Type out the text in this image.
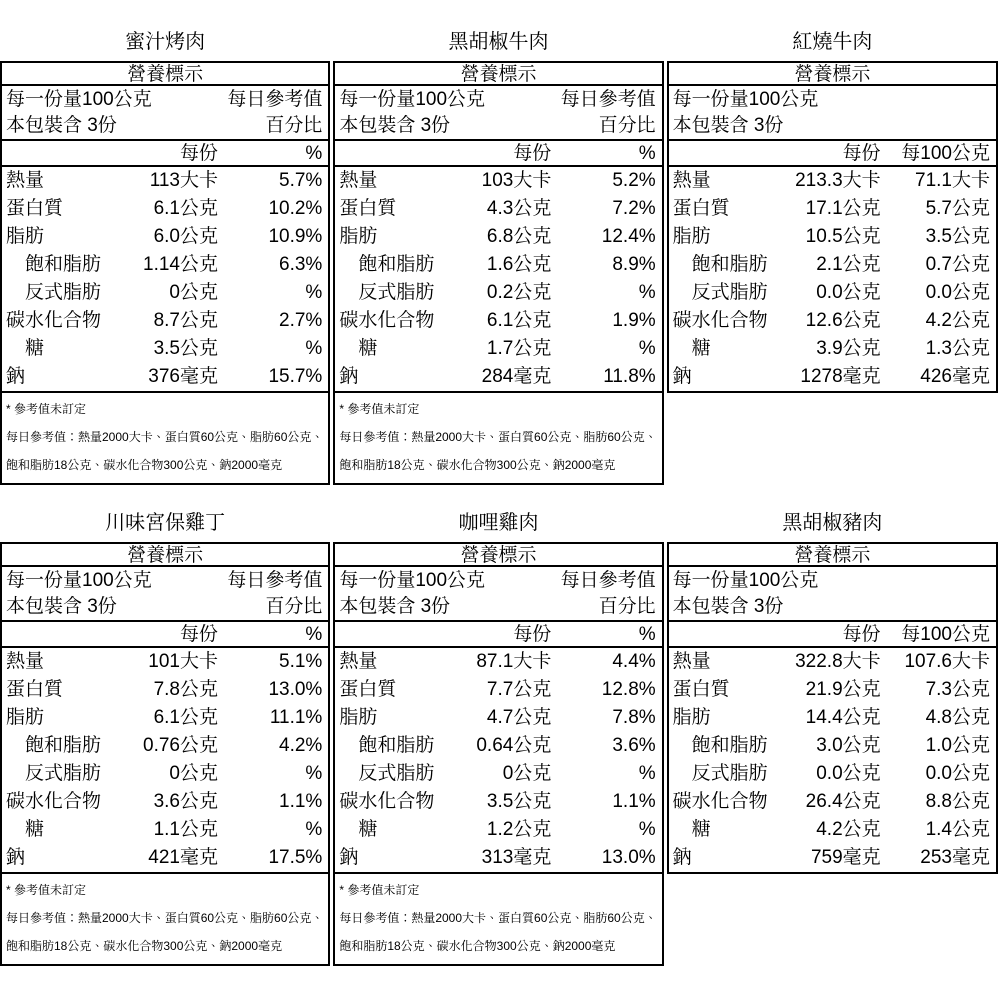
蜜汁烤肉
營養標示
每一份量100公克	每日參考值
本包裝含 3份	百分比
每份	%
熱量	113大卡	5.7%
蛋白質	6.1公克	10.2%
脂肪	6.0公克	10.9%
飽和脂肪	1.14公克	6.3%
反式脂肪	0公克	%
碳水化合物	8.7公克	2.7%
糖	3.5公克	%
鈉	376毫克	15.7%
* 參考值未訂定
每日參考值：熱量2000大卡、蛋白質60公克、脂肪60公克、
飽和脂肪18公克、碳水化合物300公克、鈉2000毫克
黑胡椒牛肉
營養標示
每一份量100公克	每日參考值
本包裝含 3份	百分比
每份	%
熱量	103大卡	5.2%
蛋白質	4.3公克	7.2%
脂肪	6.8公克	12.4%
飽和脂肪	1.6公克	8.9%
反式脂肪	0.2公克	%
碳水化合物	6.1公克	1.9%
糖	1.7公克	%
鈉	284毫克	11.8%
* 參考值未訂定
每日參考值：熱量2000大卡、蛋白質60公克、脂肪60公克、
飽和脂肪18公克、碳水化合物300公克、鈉2000毫克
紅燒牛肉
營養標示
每一份量100公克
本包裝含 3份
每份	每100公克
熱量	213.3大卡	71.1大卡
蛋白質	17.1公克	5.7公克
脂肪	10.5公克	3.5公克
飽和脂肪	2.1公克	0.7公克
反式脂肪	0.0公克	0.0公克
碳水化合物	12.6公克	4.2公克
糖	3.9公克	1.3公克
鈉	1278毫克	426毫克
川味宮保雞丁
營養標示
每一份量100公克	每日參考值
本包裝含 3份	百分比
每份	%
熱量	101大卡	5.1%
蛋白質	7.8公克	13.0%
脂肪	6.1公克	11.1%
飽和脂肪	0.76公克	4.2%
反式脂肪	0公克	%
碳水化合物	3.6公克	1.1%
糖	1.1公克	%
鈉	421毫克	17.5%
* 參考值未訂定
每日參考值：熱量2000大卡、蛋白質60公克、脂肪60公克、
飽和脂肪18公克、碳水化合物300公克、鈉2000毫克
咖哩雞肉
營養標示
每一份量100公克	每日參考值
本包裝含 3份	百分比
每份	%
熱量	87.1大卡	4.4%
蛋白質	7.7公克	12.8%
脂肪	4.7公克	7.8%
飽和脂肪	0.64公克	3.6%
反式脂肪	0公克	%
碳水化合物	3.5公克	1.1%
糖	1.2公克	%
鈉	313毫克	13.0%
* 參考值未訂定
每日參考值：熱量2000大卡、蛋白質60公克、脂肪60公克、
飽和脂肪18公克、碳水化合物300公克、鈉2000毫克
黑胡椒豬肉
營養標示
每一份量100公克
本包裝含 3份
每份	每100公克
熱量	322.8大卡	107.6大卡
蛋白質	21.9公克	7.3公克
脂肪	14.4公克	4.8公克
飽和脂肪	3.0公克	1.0公克
反式脂肪	0.0公克	0.0公克
碳水化合物	26.4公克	8.8公克
糖	4.2公克	1.4公克
鈉	759毫克	253毫克
